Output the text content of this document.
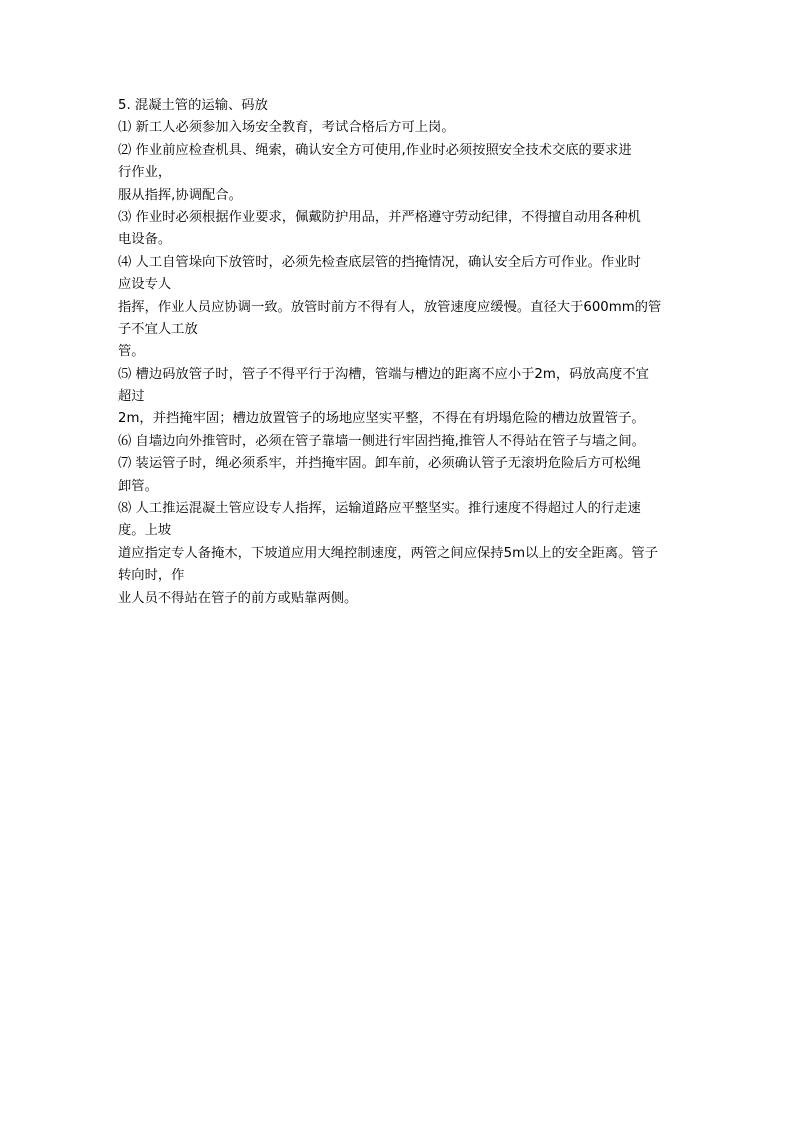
5. 混凝土管的运输、码放
⑴ 新工人必须参加入场安全教育，考试合格后方可上岗。
⑵ 作业前应检查机具、绳索，确认安全方可使用,作业时必须按照安全技术交底的要求进
行作业，
服从指挥,协调配合。
⑶ 作业时必须根据作业要求，佩戴防护用品，并严格遵守劳动纪律，不得擅自动用各种机
电设备。
⑷ 人工自管垛向下放管时，必须先检查底层管的挡掩情况，确认安全后方可作业。作业时
应设专人
指挥，作业人员应协调一致。放管时前方不得有人，放管速度应缓慢。直径大于600mm的管
子不宜人工放
管。
⑸ 槽边码放管子时，管子不得平行于沟槽，管端与槽边的距离不应小于2m，码放高度不宜
超过
2m，并挡掩牢固；槽边放置管子的场地应坚实平整，不得在有坍塌危险的槽边放置管子。
⑹ 自墙边向外推管时，必须在管子靠墙一侧进行牢固挡掩,推管人不得站在管子与墙之间。
⑺ 装运管子时，绳必须系牢，并挡掩牢固。卸车前，必须确认管子无滚坍危险后方可松绳
卸管。
⑻ 人工推运混凝土管应设专人指挥，运输道路应平整坚实。推行速度不得超过人的行走速
度。上坡
道应指定专人备掩木，下坡道应用大绳控制速度，两管之间应保持5m以上的安全距离。管子
转向时，作
业人员不得站在管子的前方或贴靠两侧。
